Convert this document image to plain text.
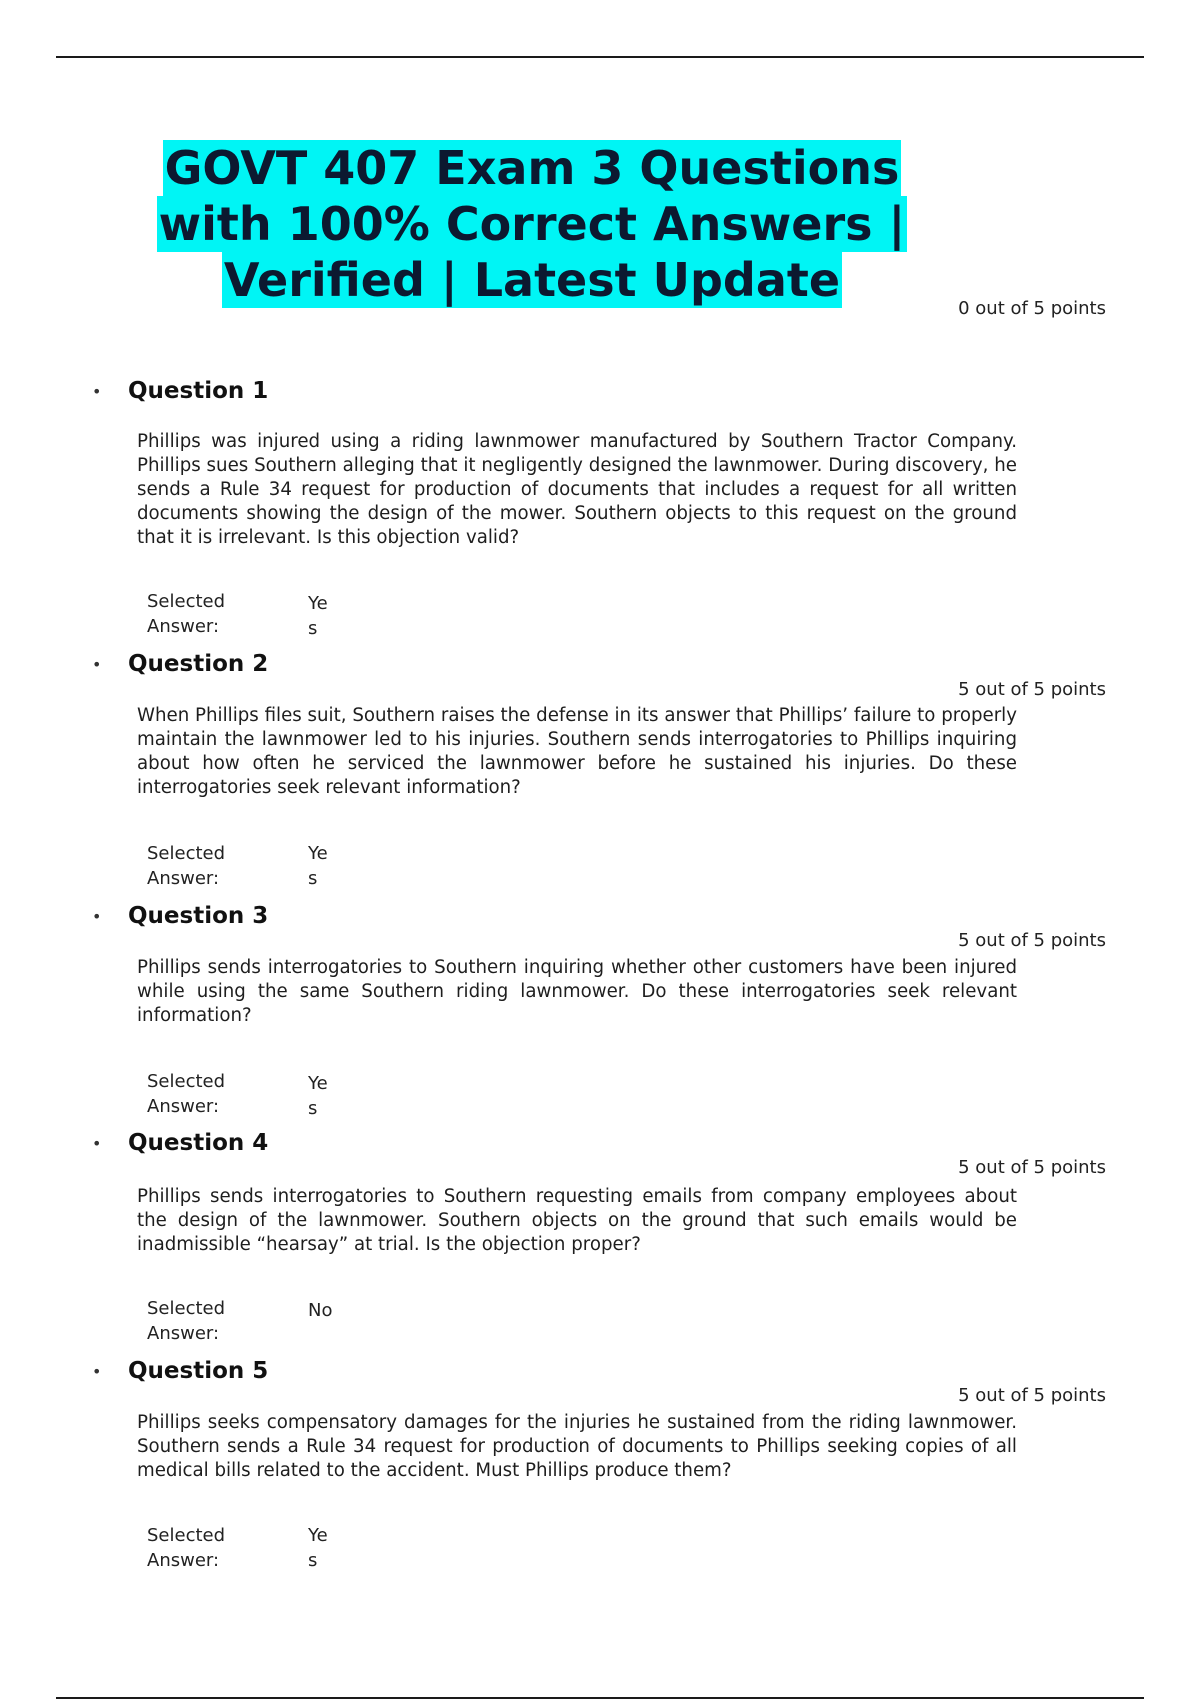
GOVT 407 Exam 3 Questions
with 100% Correct Answers |
Verified | Latest Update
0 out of 5 points
• Question 1
Phillips was injured using a riding lawnmower manufactured by Southern Tractor Company. Phillips sues Southern alleging that it negligently designed the lawnmower. During discovery, he sends a Rule 34 request for production of documents that includes a request for all written documents showing the design of the mower. Southern objects to this request on the ground that it is irrelevant. Is this objection valid?
Selected Answer:
Yes
• Question 2
5 out of 5 points
When Phillips files suit, Southern raises the defense in its answer that Phillips’ failure to properly maintain the lawnmower led to his injuries. Southern sends interrogatories to Phillips inquiring about how often he serviced the lawnmower before he sustained his injuries. Do these interrogatories seek relevant information?
Selected Answer:
Yes
• Question 3
5 out of 5 points
Phillips sends interrogatories to Southern inquiring whether other customers have been injured while using the same Southern riding lawnmower. Do these interrogatories seek relevant information?
Selected Answer:
Yes
• Question 4
5 out of 5 points
Phillips sends interrogatories to Southern requesting emails from company employees about the design of the lawnmower. Southern objects on the ground that such emails would be inadmissible “hearsay” at trial. Is the objection proper?
Selected Answer:
No
• Question 5
5 out of 5 points
Phillips seeks compensatory damages for the injuries he sustained from the riding lawnmower. Southern sends a Rule 34 request for production of documents to Phillips seeking copies of all medical bills related to the accident. Must Phillips produce them?
Selected Answer:
Yes
